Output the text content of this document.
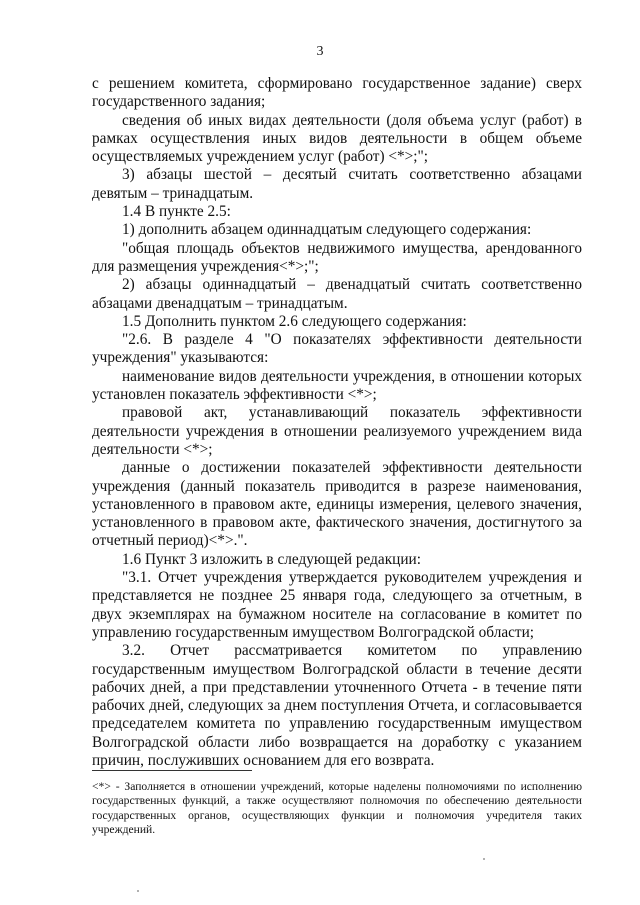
3

с решением комитета, сформировано государственное задание) сверх государственного задания;

сведения об иных видах деятельности (доля объема услуг (работ) в рамках осуществления иных видов деятельности в общем объеме осуществляемых учреждением услуг (работ) <*>;";

3) абзацы шестой – десятый считать соответственно абзацами девятым – тринадцатым.

1.4 В пункте 2.5:

1) дополнить абзацем одиннадцатым следующего содержания:

"общая площадь объектов недвижимого имущества, арендованного для размещения учреждения<*>;";

2) абзацы одиннадцатый – двенадцатый считать соответственно абзацами двенадцатым – тринадцатым.

1.5 Дополнить пунктом 2.6 следующего содержания:

"2.6. В разделе 4 "О показателях эффективности деятельности учреждения" указываются:

наименование видов деятельности учреждения, в отношении которых установлен показатель эффективности <*>;

правовой акт, устанавливающий показатель эффективности деятельности учреждения в отношении реализуемого учреждением вида деятельности <*>;

данные о достижении показателей эффективности деятельности учреждения (данный показатель приводится в разрезе наименования, установленного в правовом акте, единицы измерения, целевого значения, установленного в правовом акте, фактического значения, достигнутого за отчетный период)<*>.".

1.6 Пункт 3 изложить в следующей редакции:

"3.1. Отчет учреждения утверждается руководителем учреждения и представляется не позднее 25 января года, следующего за отчетным, в двух экземплярах на бумажном носителе на согласование в комитет по управлению государственным имуществом Волгоградской области;

3.2. Отчет рассматривается комитетом по управлению государственным имуществом Волгоградской области в течение десяти рабочих дней, а при представлении уточненного Отчета - в течение пяти рабочих дней, следующих за днем поступления Отчета, и согласовывается председателем комитета по управлению государственным имуществом Волгоградской области либо возвращается на доработку с указанием причин, послуживших основанием для его возврата.

<*> - Заполняется в отношении учреждений, которые наделены полномочиями по исполнению государственных функций, а также осуществляют полномочия по обеспечению деятельности государственных органов, осуществляющих функции и полномочия учредителя таких учреждений.
